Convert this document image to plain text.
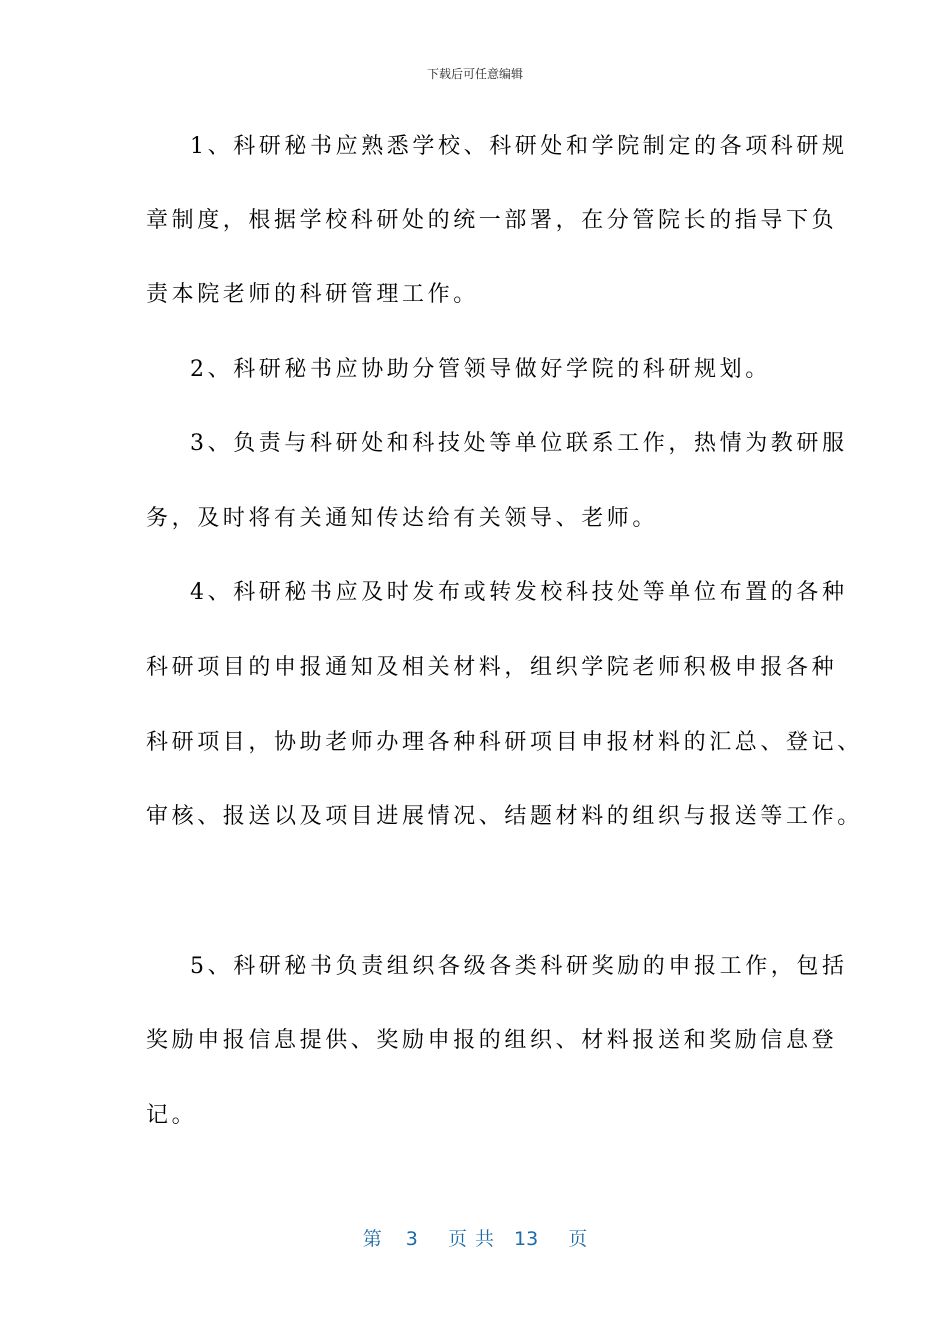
下载后可任意编辑
1、科研秘书应熟悉学校、科研处和学院制定的各项科研规
章制度，根据学校科研处的统一部署，在分管院长的指导下负
责本院老师的科研管理工作。
2、科研秘书应协助分管领导做好学院的科研规划。
3、负责与科研处和科技处等单位联系工作，热情为教研服
务，及时将有关通知传达给有关领导、老师。
4、科研秘书应及时发布或转发校科技处等单位布置的各种
科研项目的申报通知及相关材料，组织学院老师积极申报各种
科研项目，协助老师办理各种科研项目申报材料的汇总、登记、
审核、报送以及项目进展情况、结题材料的组织与报送等工作。
5、科研秘书负责组织各级各类科研奖励的申报工作，包括
奖励申报信息提供、奖励申报的组织、材料报送和奖励信息登
记。
第 3 页共 13 页
